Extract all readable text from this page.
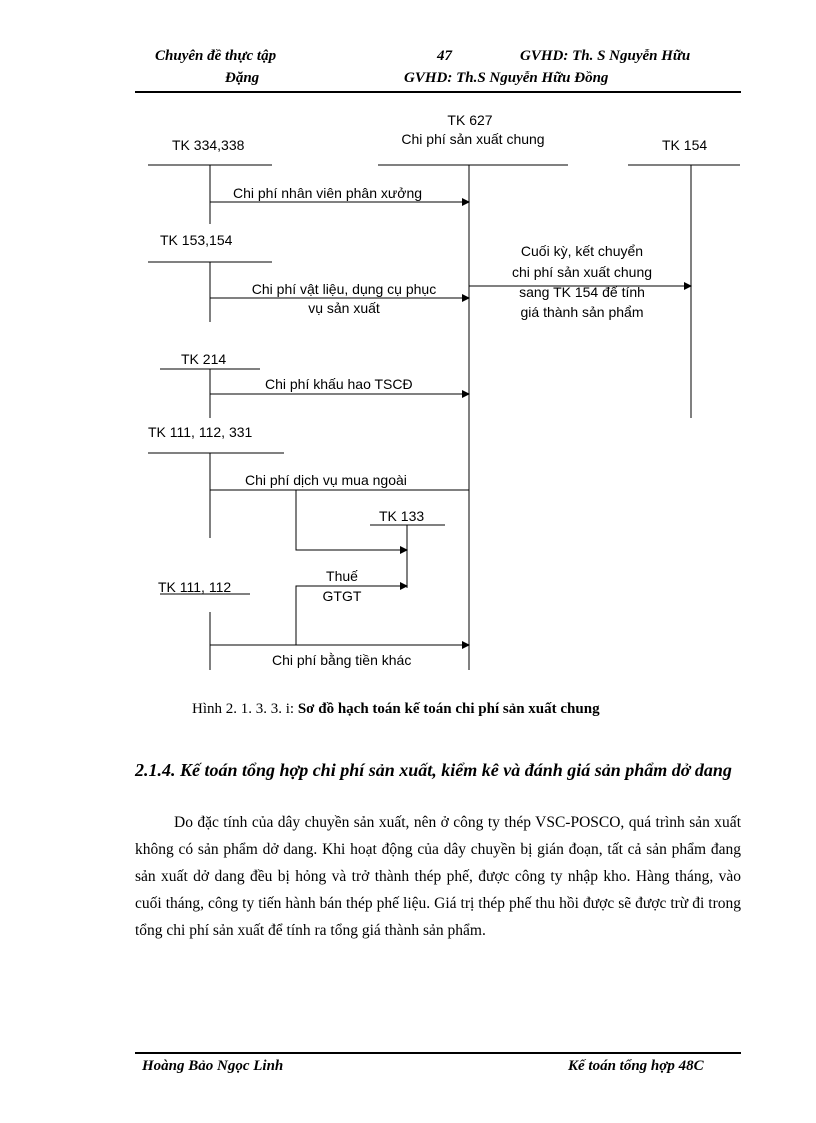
Chuyên đề thực tập
Đặng
47	GVHD: Th. S Nguyễn Hữu
GVHD: Th.S Nguyễn Hữu Đồng
TK 627
Chi phí sản xuất chung
TK 334,338	TK 154
TK 153,154
TK 214
TK 111, 112, 331
TK 133
TK 111, 112
Chi phí nhân viên phân xưởng
Chi phí vật liệu, dụng cụ phục
vụ sản xuất
Cuối kỳ, kết chuyển
chi phí sản xuất chung
sang TK 154 để tính
giá thành sản phẩm
Chi phí khấu hao TSCĐ
Chi phí dịch vụ mua ngoài
Thuế
GTGT
Chi phí bằng tiền khác
Hình 2. 1. 3. 3. i: Sơ đồ hạch toán kế toán chi phí sản xuất chung
2.1.4. Kế toán tổng hợp chi phí sản xuất, kiểm kê và đánh giá sản phẩm dở dang
Do đặc tính của dây chuyền sản xuất, nên ở công ty thép VSC-POSCO, quá trình sản xuất không có sản phẩm dở dang. Khi hoạt động của dây chuyền bị gián đoạn, tất cả sản phẩm đang sản xuất dở dang đều bị hỏng và trở thành thép phế, được công ty nhập kho. Hàng tháng, vào cuối tháng, công ty tiến hành bán thép phế liệu. Giá trị thép phế thu hồi được sẽ được trừ đi trong tổng chi phí sản xuất để tính ra tổng giá thành sản phẩm.
Hoàng Bảo Ngọc Linh	Kế toán tổng hợp 48C
